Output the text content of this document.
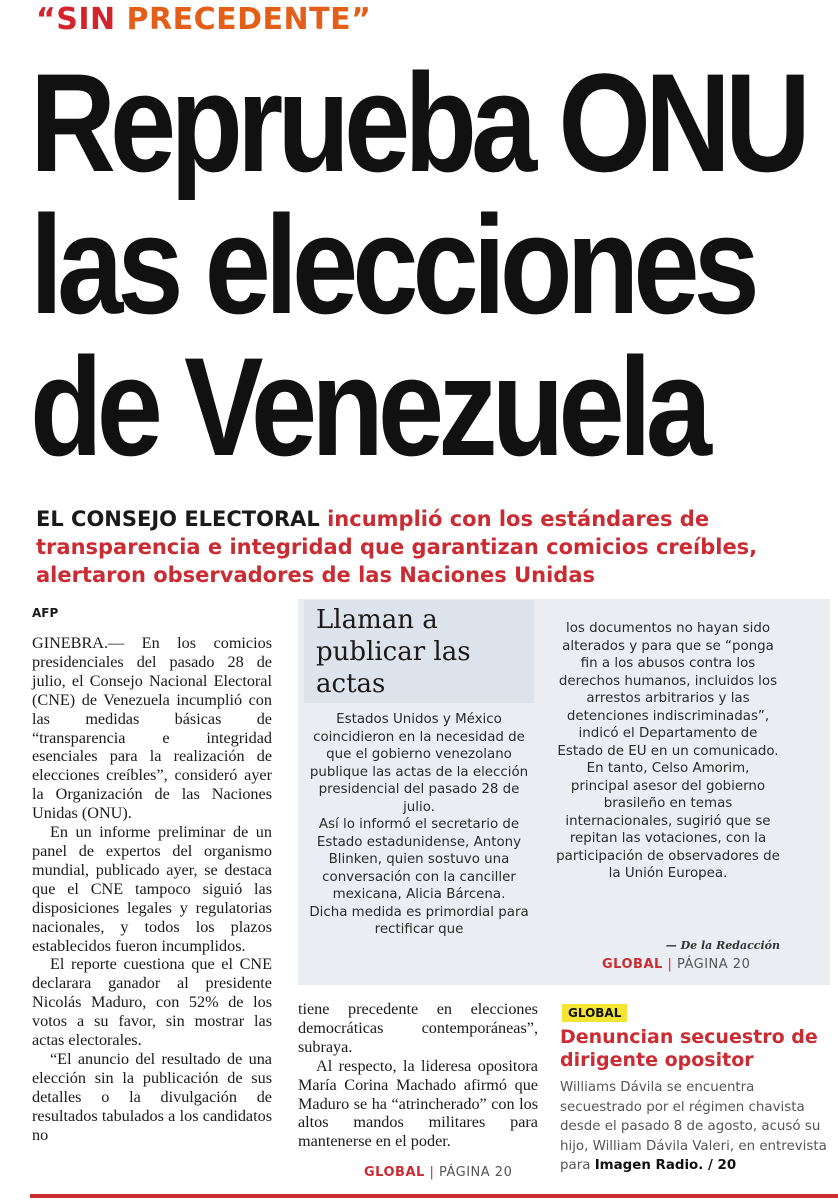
“SIN PRECEDENTE”
Reprueba ONU
las elecciones
de Venezuela
EL CONSEJO ELECTORAL incumplió con los estándares de transparencia e integridad que garantizan comicios creíbles, alertaron observadores de las Naciones Unidas
AFP

GINEBRA.— En los comicios presidenciales del pasado 28 de julio, el Consejo Nacional Electoral (CNE) de Venezuela incumplió con las medidas básicas de “transparencia e integridad esenciales para la realización de elecciones creíbles”, consideró ayer la Organización de las Naciones Unidas (ONU).

En un informe preliminar de un panel de expertos del organismo mundial, publicado ayer, se destaca que el CNE tampoco siguió las disposiciones legales y regulatorias nacionales, y todos los plazos establecidos fueron incumplidos.

El reporte cuestiona que el CNE declarara ganador al presidente Nicolás Maduro, con 52% de los votos a su favor, sin mostrar las actas electorales.

“El anuncio del resultado de una elección sin la publicación de sus detalles o la divulgación de resultados tabulados a los candidatos no

Llaman a publicar las actas

Estados Unidos y México coincidieron en la necesidad de que el gobierno venezolano publique las actas de la elección presidencial del pasado 28 de julio.

Así lo informó el secretario de Estado estadunidense, Antony Blinken, quien sostuvo una conversación con la canciller mexicana, Alicia Bárcena.

Dicha medida es primordial para rectificar que

los documentos no hayan sido alterados y para que se “ponga fin a los abusos contra los derechos humanos, incluidos los arrestos arbitrarios y las detenciones indiscriminadas”, indicó el Departamento de Estado de EU en un comunicado.

En tanto, Celso Amorim, principal asesor del gobierno brasileño en temas internacionales, sugirió que se repitan las votaciones, con la participación de observadores de la Unión Europea.

— De la Redacción
GLOBAL | PÁGINA 20

tiene precedente en elecciones democráticas contemporáneas”, subraya.

Al respecto, la lideresa opositora María Corina Machado afirmó que Maduro se ha “atrincherado” con los altos mandos militares para mantenerse en el poder.

GLOBAL | PÁGINA 20
GLOBAL
Denuncian secuestro de dirigente opositor
Williams Dávila se encuentra secuestrado por el régimen chavista desde el pasado 8 de agosto, acusó su hijo, William Dávila Valeri, en entrevista para Imagen Radio. / 20
